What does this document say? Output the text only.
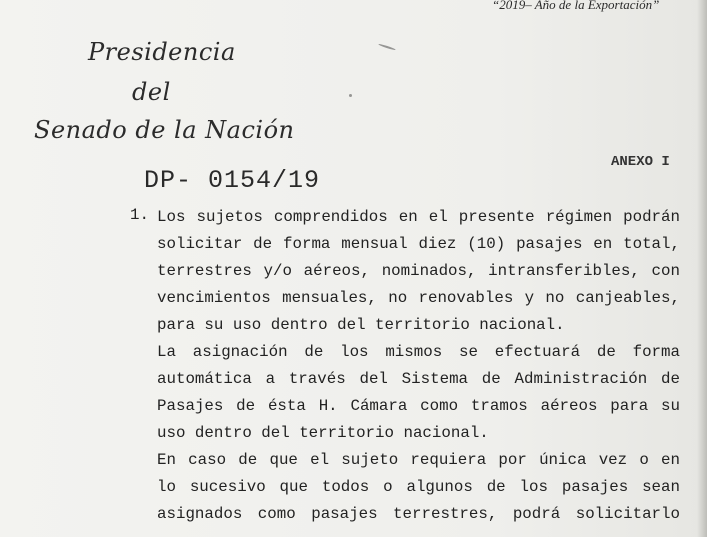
“2019– Año de la Exportación”
Presidencia
del
Senado de la Nación
ANEXO I
DP- 0154/19
1. Los sujetos comprendidos en el presente régimen podrán
solicitar de forma mensual diez (10) pasajes en total,
terrestres y/o aéreos, nominados, intransferibles, con
vencimientos mensuales, no renovables y no canjeables,
para su uso dentro del territorio nacional.
La asignación de los mismos se efectuará de forma
automática a través del Sistema de Administración de
Pasajes de ésta H. Cámara como tramos aéreos para su
uso dentro del territorio nacional.
En caso de que el sujeto requiera por única vez o en
lo sucesivo que todos o algunos de los pasajes sean
asignados como pasajes terrestres, podrá solicitarlo
